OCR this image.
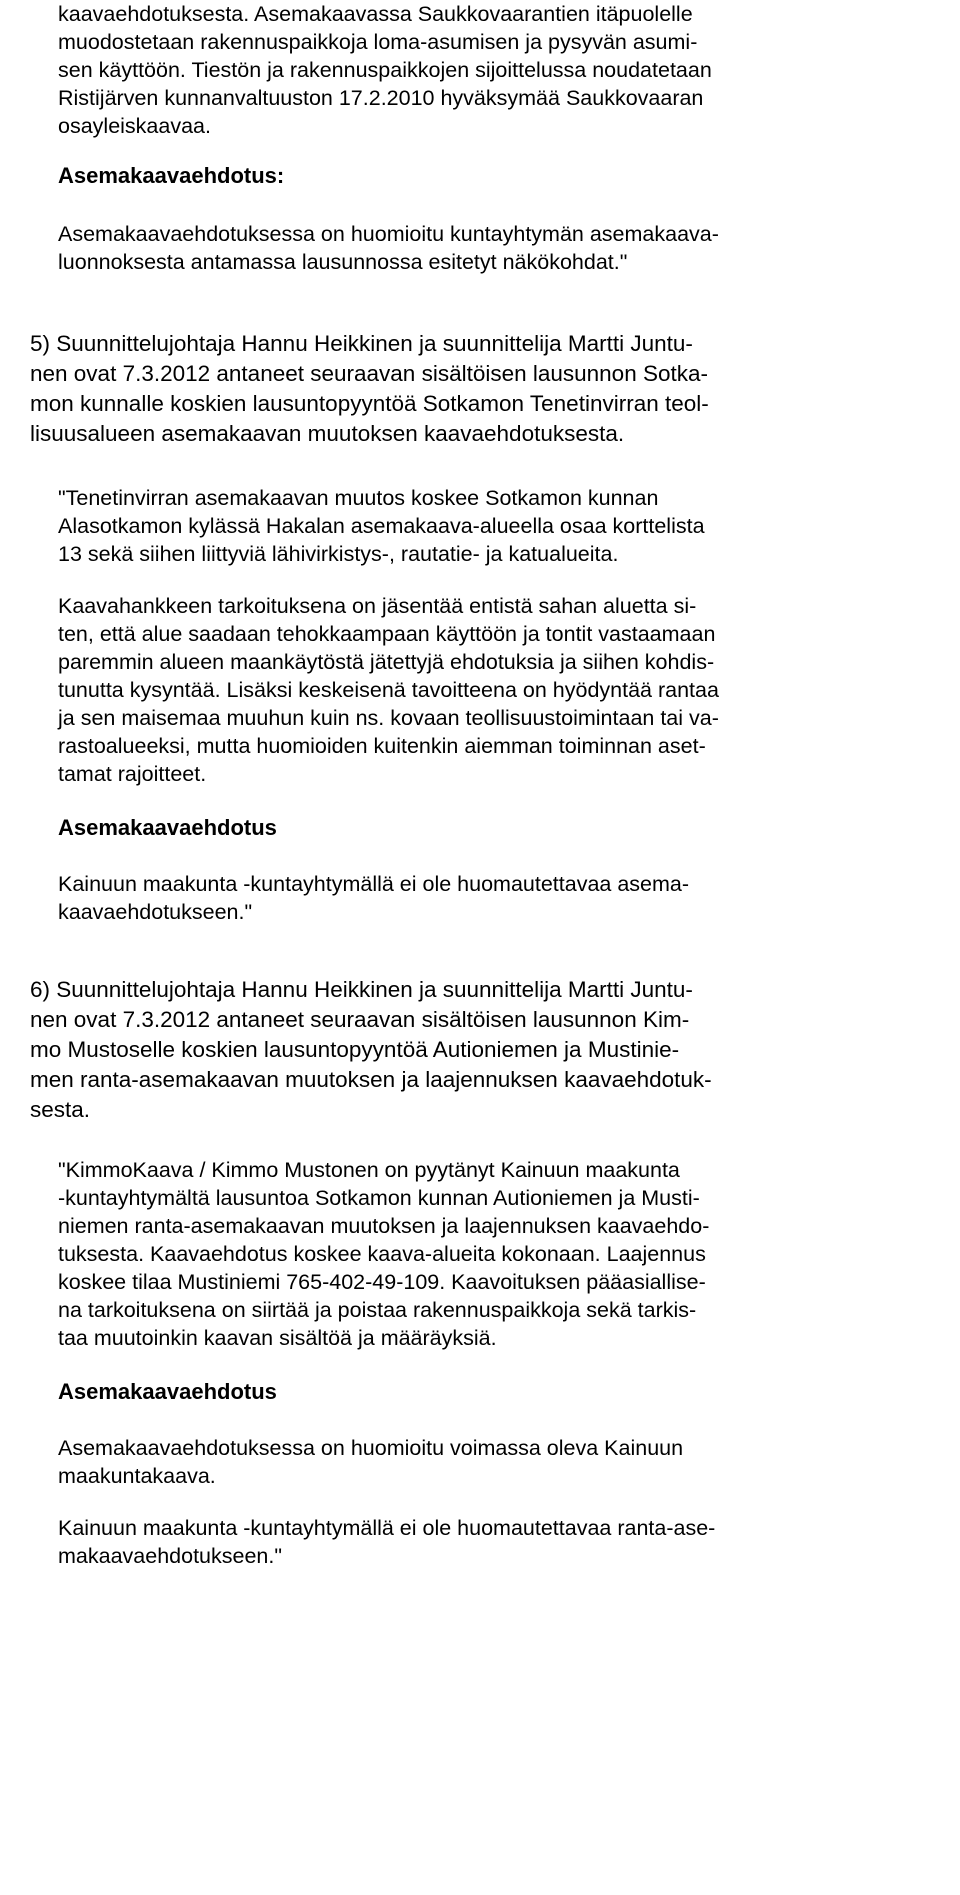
kaavaehdotuksesta. Asemakaavassa Saukkovaarantien itäpuolelle

muodostetaan rakennuspaikkoja loma-asumisen ja pysyvän asumi-

sen käyttöön. Tiestön ja rakennuspaikkojen sijoittelussa noudatetaan

Ristijärven kunnanvaltuuston 17.2.2010 hyväksymää Saukkovaaran

osayleiskaavaa.

Asemakaavaehdotus:

Asemakaavaehdotuksessa on huomioitu kuntayhtymän asemakaava-

luonnoksesta antamassa lausunnossa esitetyt näkökohdat."

5) Suunnittelujohtaja Hannu Heikkinen ja suunnittelija Martti Juntu-

nen ovat 7.3.2012 antaneet seuraavan sisältöisen lausunnon Sotka-

mon kunnalle koskien lausuntopyyntöä Sotkamon Tenetinvirran teol-

lisuusalueen asemakaavan muutoksen kaavaehdotuksesta.

"Tenetinvirran asemakaavan muutos koskee Sotkamon kunnan

Alasotkamon kylässä Hakalan asemakaava-alueella osaa korttelista

13 sekä siihen liittyviä lähivirkistys-, rautatie- ja katualueita.

Kaavahankkeen tarkoituksena on jäsentää entistä sahan aluetta si-

ten, että alue saadaan tehokkaampaan käyttöön ja tontit vastaamaan

paremmin alueen maankäytöstä jätettyjä ehdotuksia ja siihen kohdis-

tunutta kysyntää. Lisäksi keskeisenä tavoitteena on hyödyntää rantaa

ja sen maisemaa muuhun kuin ns. kovaan teollisuustoimintaan tai va-

rastoalueeksi, mutta huomioiden kuitenkin aiemman toiminnan aset-

tamat rajoitteet.

Asemakaavaehdotus

Kainuun maakunta -kuntayhtymällä ei ole huomautettavaa asema-

kaavaehdotukseen."

6) Suunnittelujohtaja Hannu Heikkinen ja suunnittelija Martti Juntu-

nen ovat 7.3.2012 antaneet seuraavan sisältöisen lausunnon Kim-

mo Mustoselle koskien lausuntopyyntöä Autioniemen ja Mustinie-

men ranta-asemakaavan muutoksen ja laajennuksen kaavaehdotuk-

sesta.

"KimmoKaava / Kimmo Mustonen on pyytänyt Kainuun maakunta

-kuntayhtymältä lausuntoa Sotkamon kunnan Autioniemen ja Musti-

niemen ranta-asemakaavan muutoksen ja laajennuksen kaavaehdo-

tuksesta. Kaavaehdotus koskee kaava-alueita kokonaan. Laajennus

koskee tilaa Mustiniemi 765-402-49-109. Kaavoituksen pääasiallise-

na tarkoituksena on siirtää ja poistaa rakennuspaikkoja sekä tarkis-

taa muutoinkin kaavan sisältöä ja määräyksiä.

Asemakaavaehdotus

Asemakaavaehdotuksessa on huomioitu voimassa oleva Kainuun

maakuntakaava.

Kainuun maakunta -kuntayhtymällä ei ole huomautettavaa ranta-ase-

makaavaehdotukseen."
